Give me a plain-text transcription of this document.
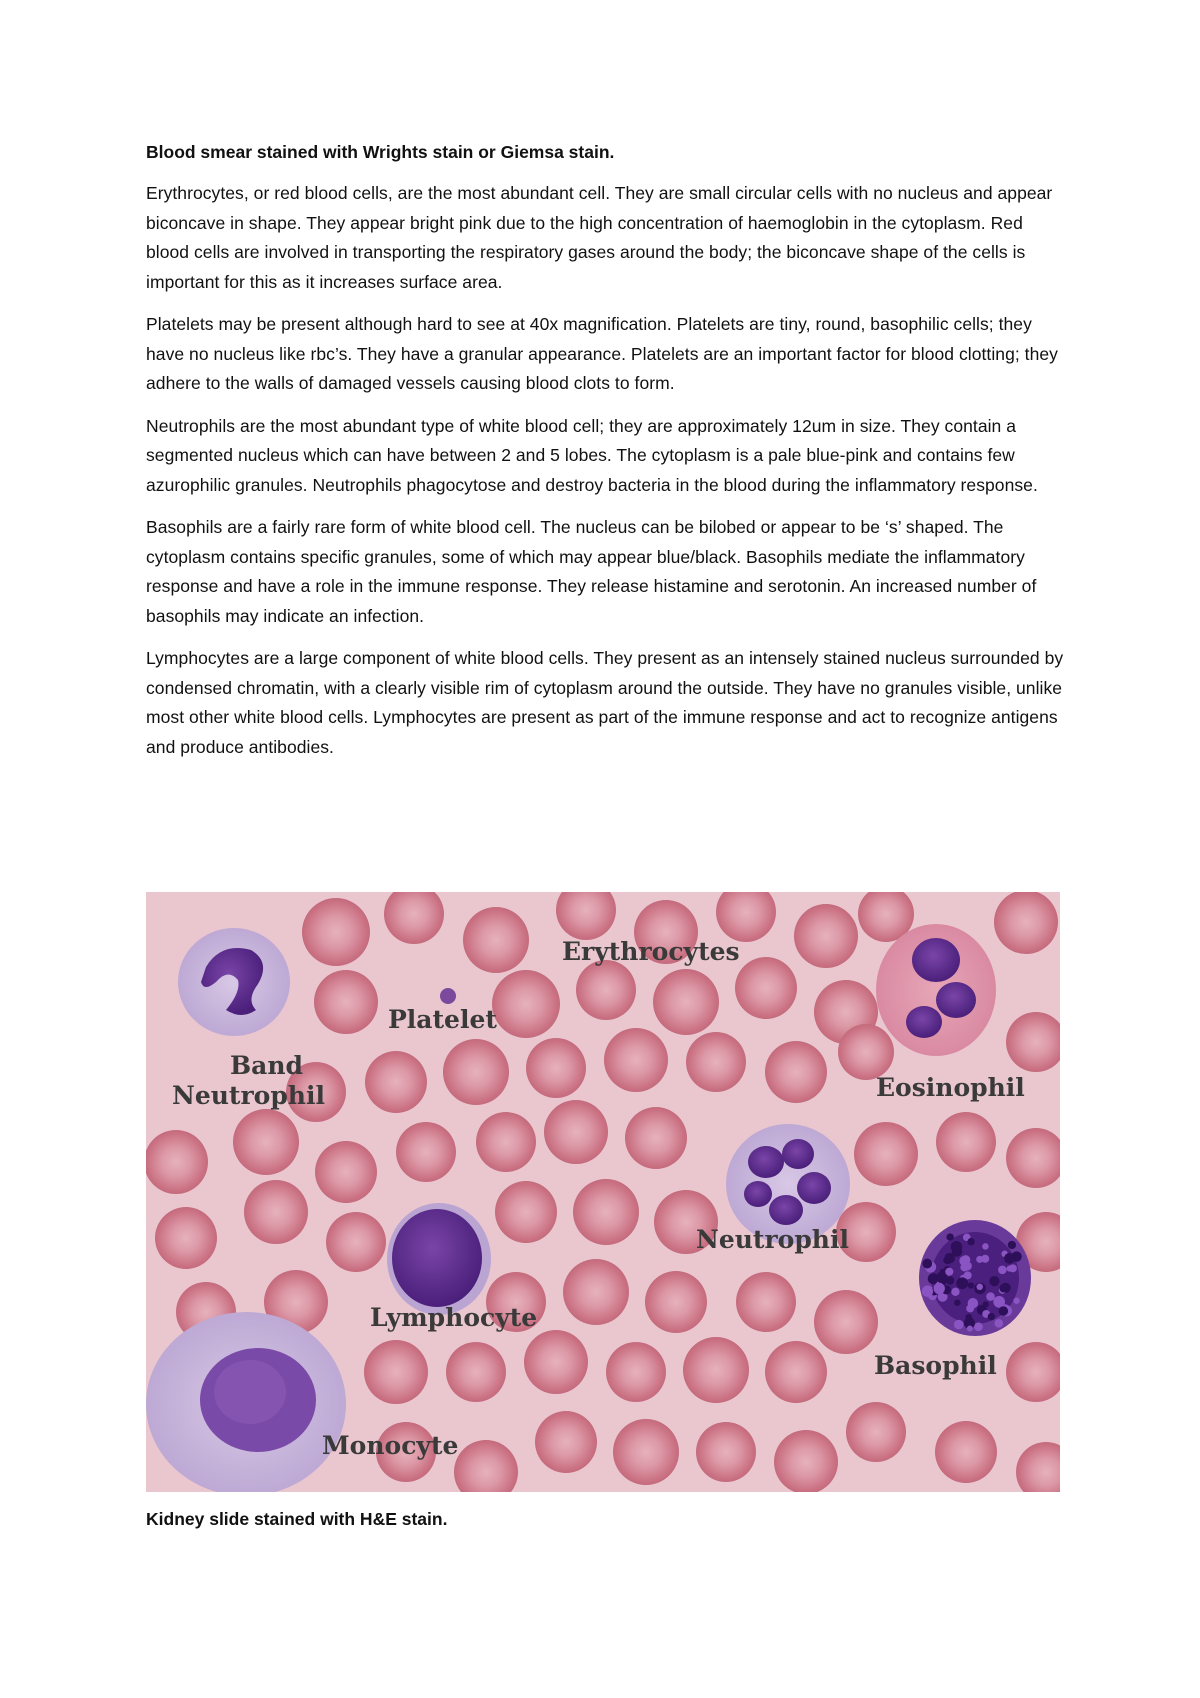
Blood smear stained with Wrights stain or Giemsa stain.

Erythrocytes, or red blood cells, are the most abundant cell. They are small circular cells with no nucleus and appear biconcave in shape. They appear bright pink due to the high concentration of haemoglobin in the cytoplasm. Red blood cells are involved in transporting the respiratory gases around the body; the biconcave shape of the cells is important for this as it increases surface area.

Platelets may be present although hard to see at 40x magnification. Platelets are tiny, round, basophilic cells; they have no nucleus like rbc’s. They have a granular appearance. Platelets are an important factor for blood clotting; they adhere to the walls of damaged vessels causing blood clots to form.

Neutrophils are the most abundant type of white blood cell; they are approximately 12um in size. They contain a segmented nucleus which can have between 2 and 5 lobes. The cytoplasm is a pale blue-pink and contains few azurophilic granules. Neutrophils phagocytose and destroy bacteria in the blood during the inflammatory response.

Basophils are a fairly rare form of white blood cell. The nucleus can be bilobed or appear to be ‘s’ shaped. The cytoplasm contains specific granules, some of which may appear blue/black. Basophils mediate the inflammatory response and have a role in the immune response. They release histamine and serotonin. An increased number of basophils may indicate an infection.

Lymphocytes are a large component of white blood cells. They present as an intensely stained nucleus surrounded by condensed chromatin, with a clearly visible rim of cytoplasm around the outside. They have no granules visible, unlike most other white blood cells. Lymphocytes are present as part of the immune response and act to recognize antigens and produce antibodies.

Erythrocytes
Platelet
Band
Neutrophil	Eosinophil
Neutrophil
Lymphocyte
Basophil
Monocyte
Kidney slide stained with H&E stain.
